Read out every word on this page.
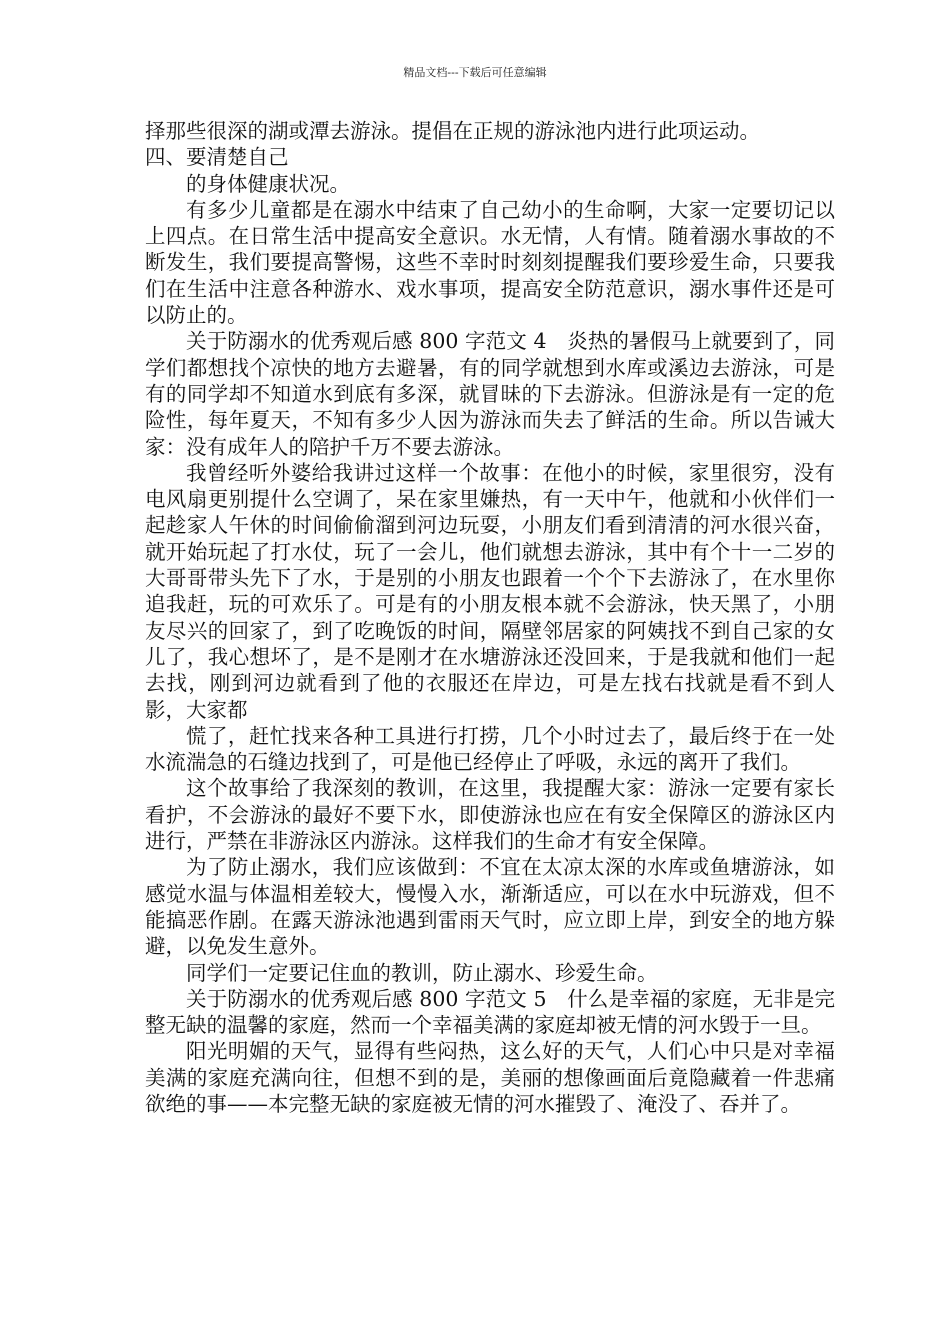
精品文档---下载后可任意编辑

择那些很深的湖或潭去游泳。提倡在正规的游泳池内进行此项运动。

四、要清楚自己

的身体健康状况。

有多少儿童都是在溺水中结束了自己幼小的生命啊，大家一定要切记以上四点。在日常生活中提高安全意识。水无情，人有情。随着溺水事故的不断发生，我们要提高警惕，这些不幸时时刻刻提醒我们要珍爱生命，只要我们在生活中注意各种游水、戏水事项，提高安全防范意识，溺水事件还是可以防止的。

关于防溺水的优秀观后感 800 字范文 4　炎热的暑假马上就要到了，同学们都想找个凉快的地方去避暑，有的同学就想到水库或溪边去游泳，可是有的同学却不知道水到底有多深，就冒昧的下去游泳。但游泳是有一定的危险性，每年夏天，不知有多少人因为游泳而失去了鲜活的生命。所以告诫大家：没有成年人的陪护千万不要去游泳。

我曾经听外婆给我讲过这样一个故事：在他小的时候，家里很穷，没有电风扇更别提什么空调了，呆在家里嫌热，有一天中午，他就和小伙伴们一起趁家人午休的时间偷偷溜到河边玩耍，小朋友们看到清清的河水很兴奋，就开始玩起了打水仗，玩了一会儿，他们就想去游泳，其中有个十一二岁的大哥哥带头先下了水，于是别的小朋友也跟着一个个下去游泳了，在水里你追我赶，玩的可欢乐了。可是有的小朋友根本就不会游泳，快天黑了，小朋友尽兴的回家了，到了吃晚饭的时间，隔壁邻居家的阿姨找不到自己家的女儿了，我心想坏了，是不是刚才在水塘游泳还没回来，于是我就和他们一起去找，刚到河边就看到了他的衣服还在岸边，可是左找右找就是看不到人影，大家都

慌了，赶忙找来各种工具进行打捞，几个小时过去了，最后终于在一处水流湍急的石缝边找到了，可是他已经停止了呼吸，永远的离开了我们。

这个故事给了我深刻的教训，在这里，我提醒大家：游泳一定要有家长看护，不会游泳的最好不要下水，即使游泳也应在有安全保障区的游泳区内进行，严禁在非游泳区内游泳。这样我们的生命才有安全保障。

为了防止溺水，我们应该做到：不宜在太凉太深的水库或鱼塘游泳，如感觉水温与体温相差较大，慢慢入水，渐渐适应，可以在水中玩游戏，但不能搞恶作剧。在露天游泳池遇到雷雨天气时，应立即上岸，到安全的地方躲避，以免发生意外。

同学们一定要记住血的教训，防止溺水、珍爱生命。

关于防溺水的优秀观后感 800 字范文 5　什么是幸福的家庭，无非是完整无缺的温馨的家庭，然而一个幸福美满的家庭却被无情的河水毁于一旦。

阳光明媚的天气，显得有些闷热，这么好的天气，人们心中只是对幸福美满的家庭充满向往，但想不到的是，美丽的想像画面后竟隐藏着一件悲痛欲绝的事——本完整无缺的家庭被无情的河水摧毁了、淹没了、吞并了。
